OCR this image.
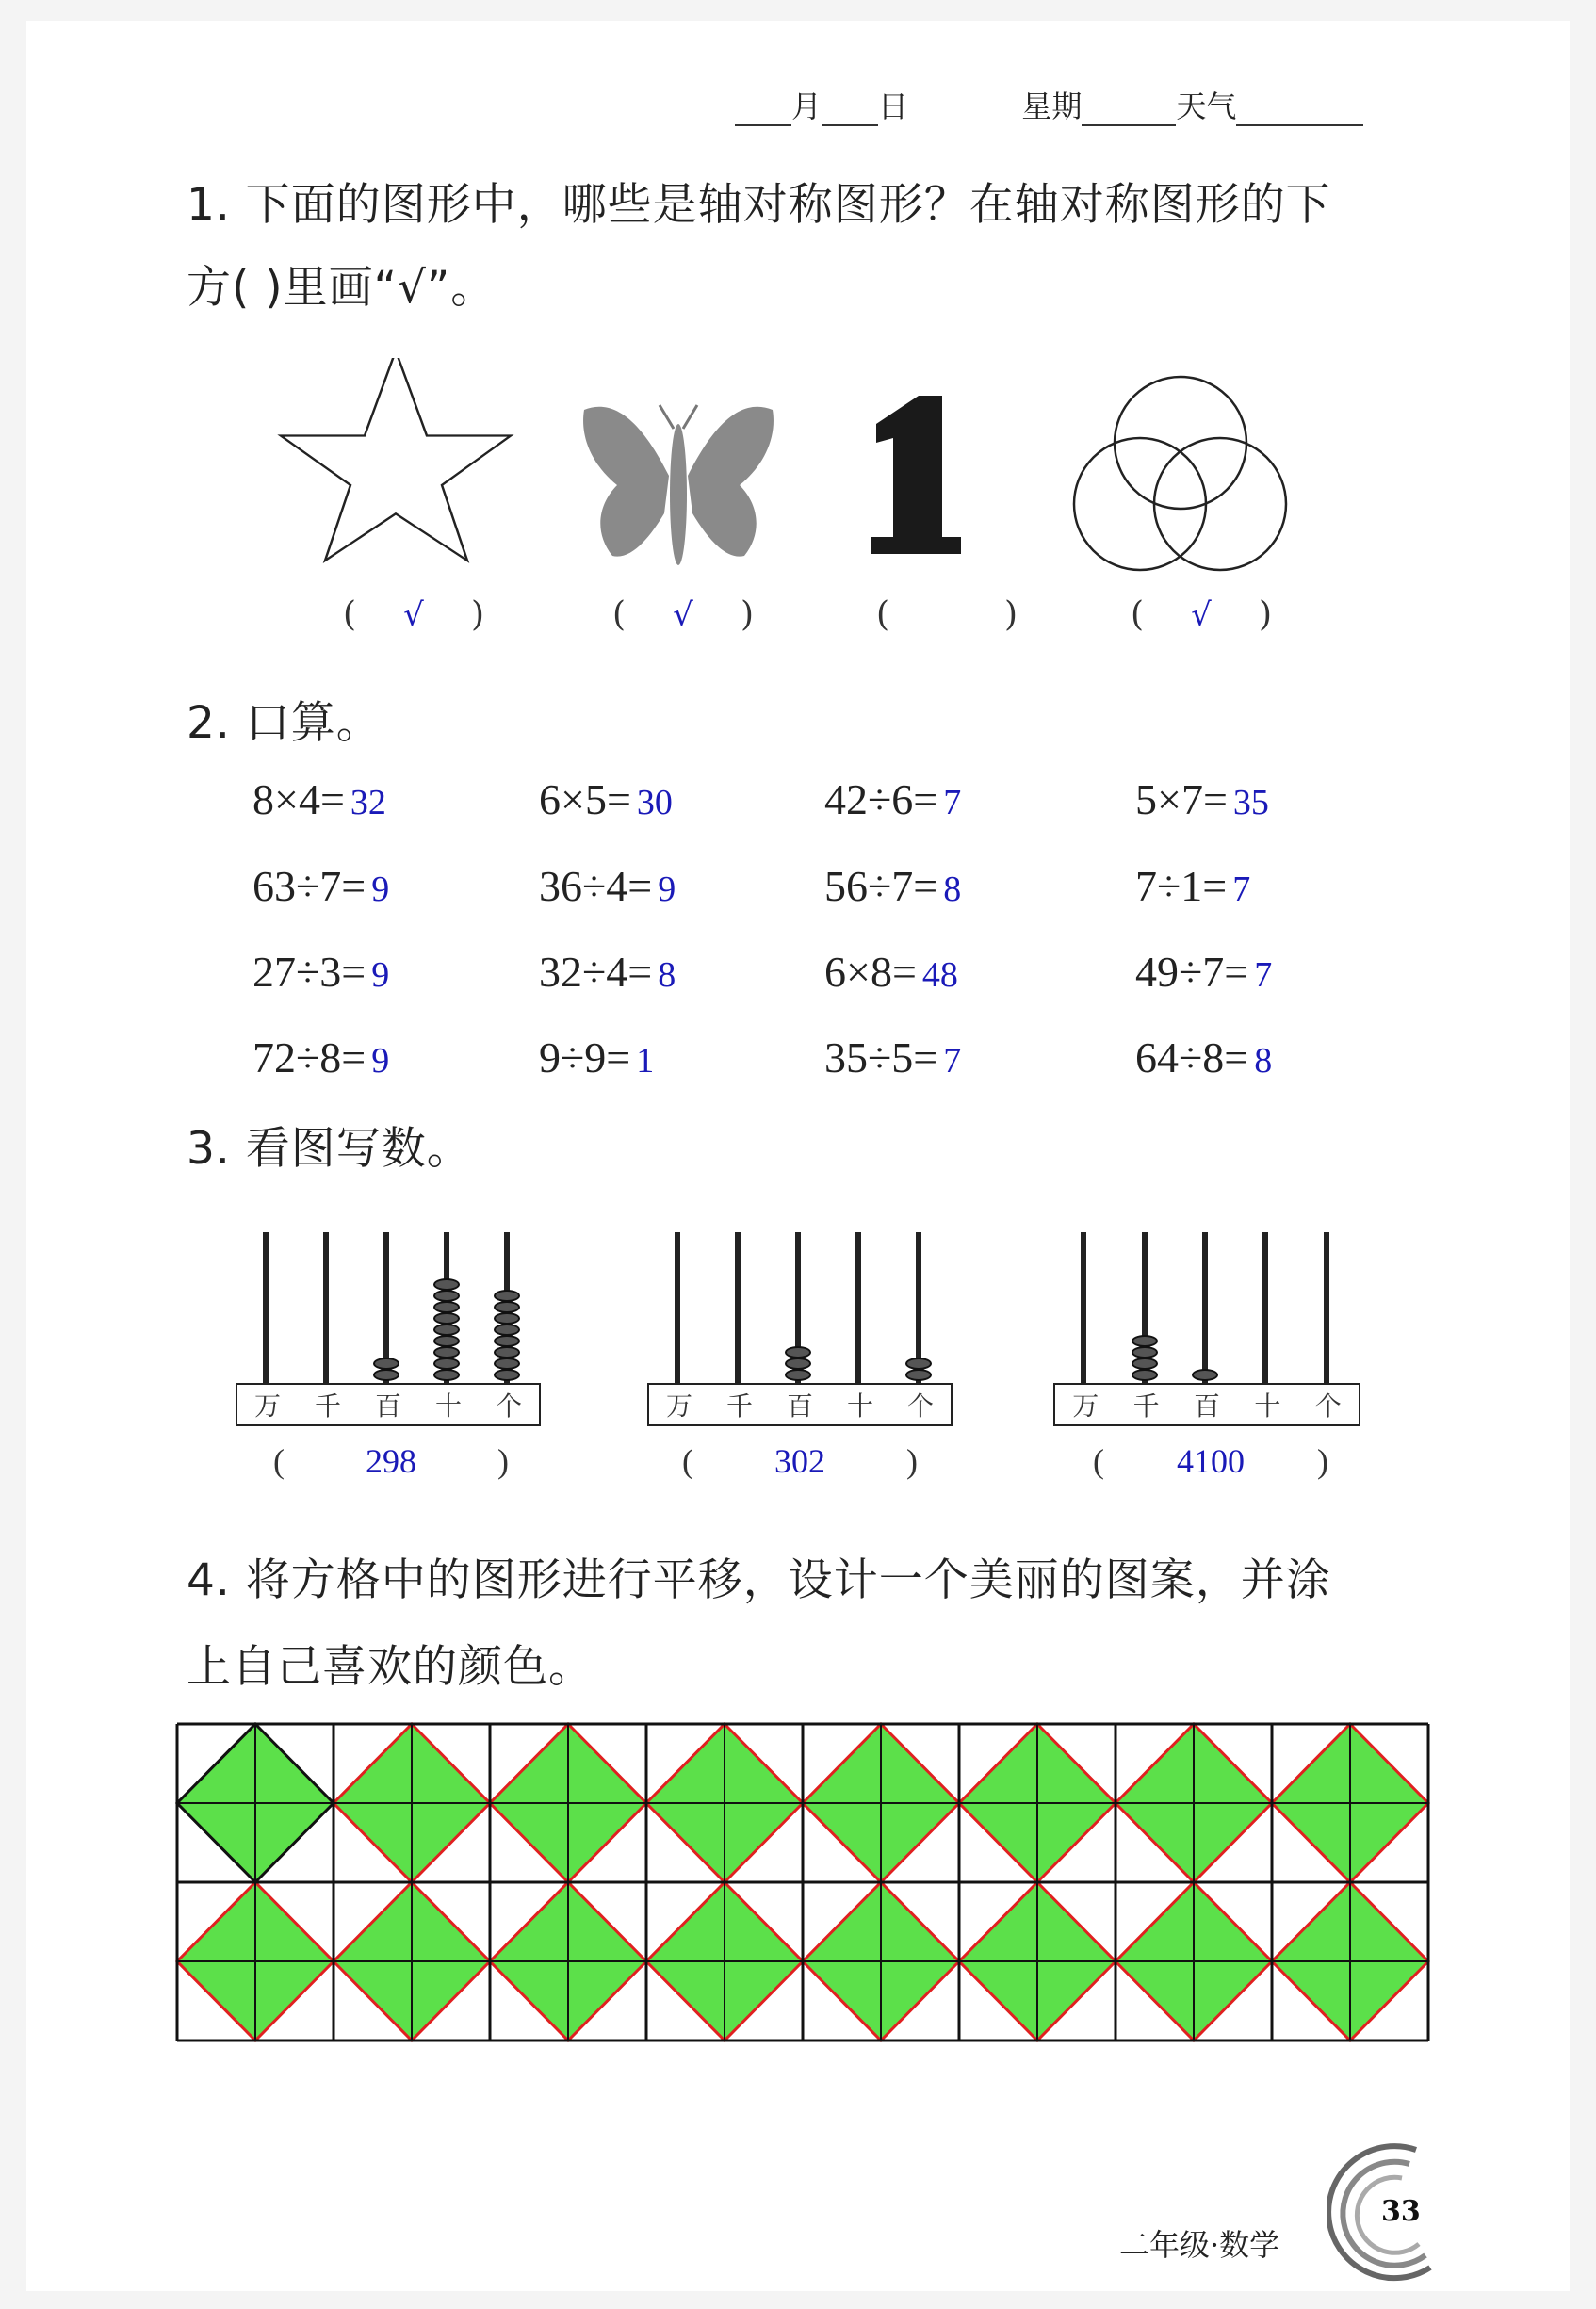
月 日	星期	天气
1. 下面的图形中，哪些是轴对称图形？在轴对称图形的下
方( )里画“√”。
( √ )	( √ )	(	)	( √ )
2. 口算。
8×4= 32	6×5= 30	42÷6= 7	5×7= 35
63÷7= 9	36÷4= 9	56÷7= 8	7÷1= 7
27÷3= 9	32÷4= 8	6×8= 48	49÷7= 7
72÷8= 9	9÷9= 1	35÷5= 7	64÷8= 8
3. 看图写数。
万 千 百 十 个
( 298 )
万 千 百 十 个
( 302 )
万 千 百 十 个
( 4100 )
4. 将方格中的图形进行平移，设计一个美丽的图案，并涂
上自己喜欢的颜色。
二年级·数学
33
